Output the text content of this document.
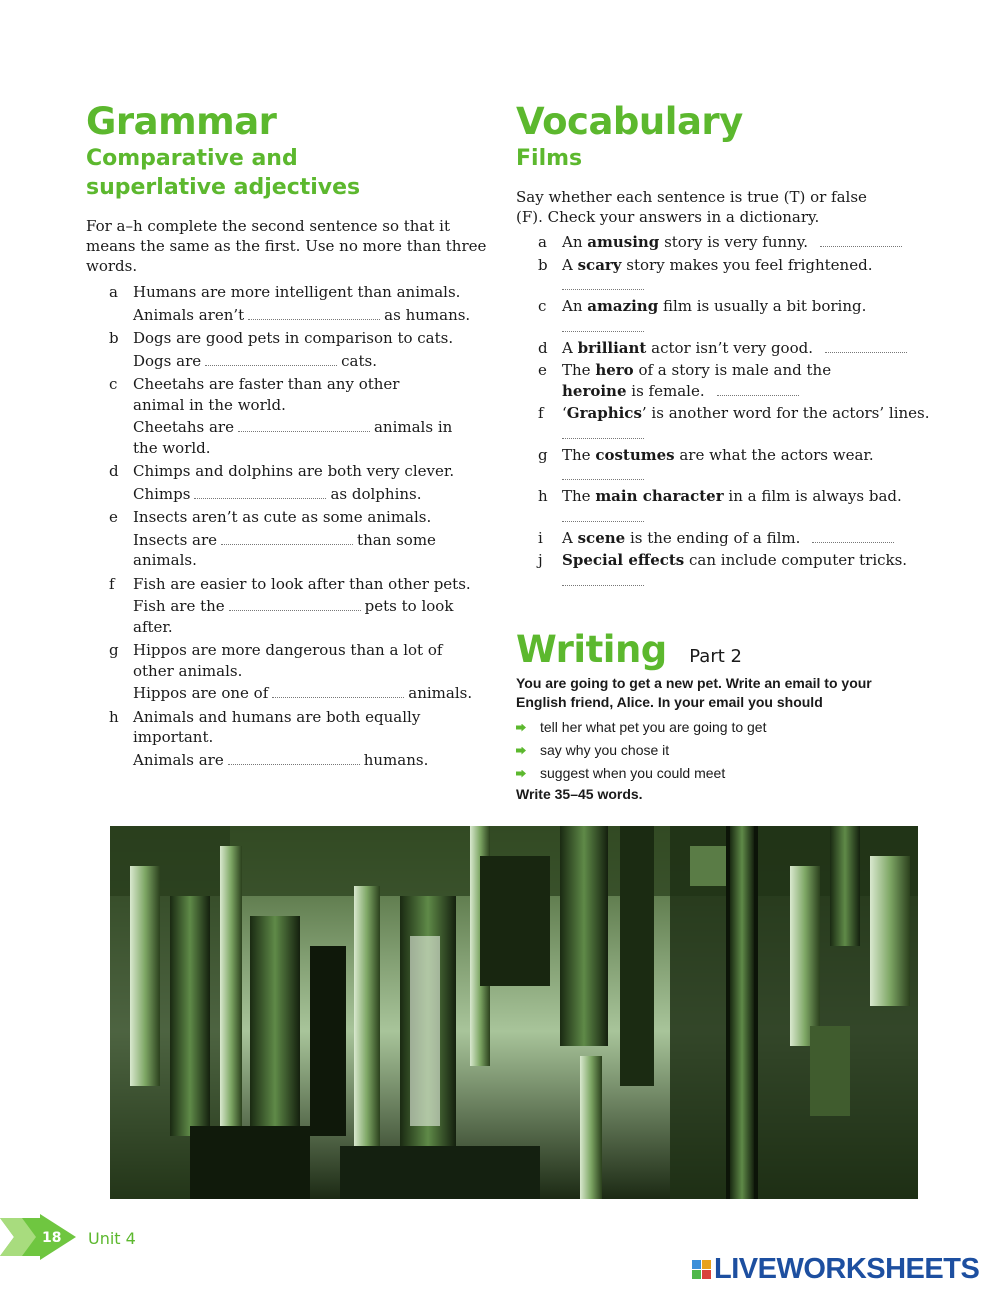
Grammar
Comparative and
superlative adjectives

For a–h complete the second sentence so that it means the same as the first. Use no more than three words.

a Humans are more intelligent than animals.
Animals aren’t	as humans.
b Dogs are good pets in comparison to cats.
Dogs are	cats.
c Cheetahs are faster than any other animal in the world.
Cheetahs are	animals in the world.
d Chimps and dolphins are both very clever.
Chimps	as dolphins.
e Insects aren’t as cute as some animals.
Insects are	than some animals.
f Fish are easier to look after than other pets.
Fish are the	pets to look after.
g Hippos are more dangerous than a lot of other animals.
Hippos are one of	animals.
h Animals and humans are both equally important.
Animals are	humans.
Vocabulary
Films

Say whether each sentence is true (T) or false (F). Check your answers in a dictionary.

a An amusing story is very funny.
b A scary story makes you feel frightened.
c An amazing film is usually a bit boring.
d A brilliant actor isn’t very good.
e The hero of a story is male and the heroine is female.
f ‘Graphics’ is another word for the actors’ lines.
g The costumes are what the actors wear.
h The main character in a film is always bad.
i A scene is the ending of a film.
j Special effects can include computer tricks.
Writing Part 2

You are going to get a new pet. Write an email to your English friend, Alice. In your email you should

tell her what pet you are going to get
say why you chose it
suggest when you could meet

Write 35–45 words.

18 Unit 4
LIVEWORKSHEETS
